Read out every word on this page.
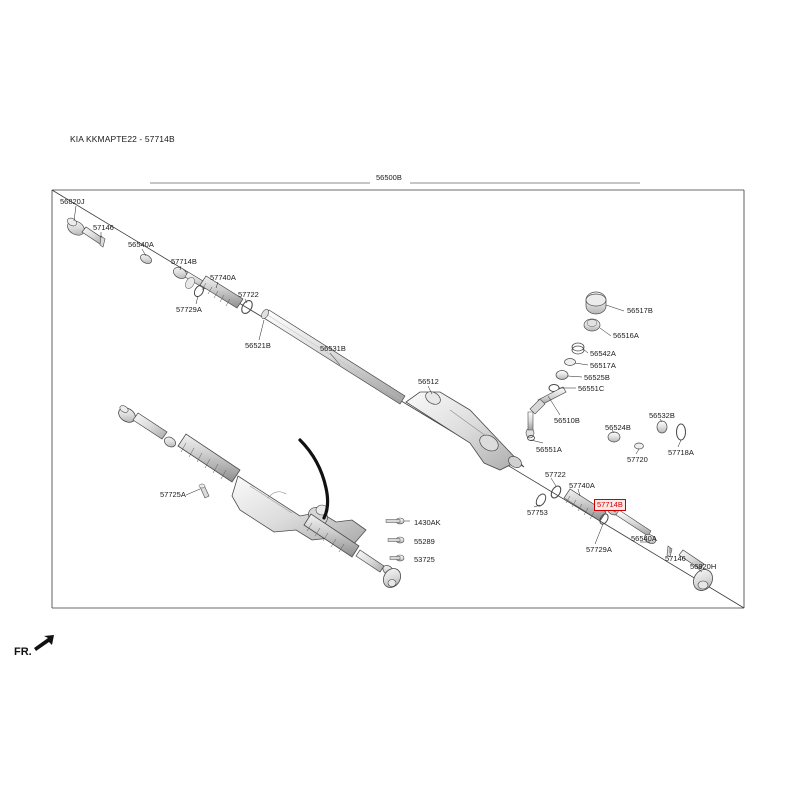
KIA KKMAPTE22 - 57714B
56500B
56820J
57146
56540A
57714B
57740A
57722
57729A
56521B	56531B
56512
56517B
56516A
56542A
56517A
56525B
56551C
56510B
56524B
56532B
57718A
57720
56551A
57722
57740A
57753
57729A
56540A
57146
56820H
57725A
1430AK
55289
53725
57714B
FR.
